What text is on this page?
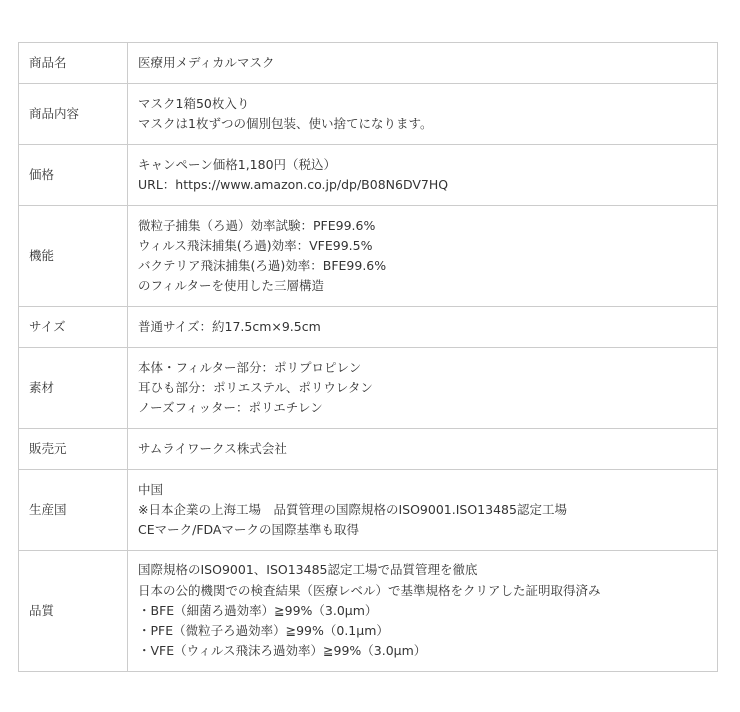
商品名	医療用メディカルマスク

商品内容	マスク1箱50枚入り
マスクは1枚ずつの個別包装、使い捨てになります。

価格	キャンペーン価格1,180円（税込）
URL：https://www.amazon.co.jp/dp/B08N6DV7HQ

機能	微粒子捕集（ろ過）効率試験：PFE99.6%
ウィルス飛沫捕集(ろ過)効率：VFE99.5%
バクテリア飛沫捕集(ろ過)効率：BFE99.6%
のフィルターを使用した三層構造

サイズ	普通サイズ：約17.5cm×9.5cm

素材	本体・フィルター部分：ポリプロピレン
耳ひも部分：ポリエステル、ポリウレタン
ノーズフィッター：ポリエチレン

販売元	サムライワークス株式会社

生産国	中国
※日本企業の上海工場　品質管理の国際規格のISO9001.ISO13485認定工場
CEマーク/FDAマークの国際基準も取得

品質	国際規格のISO9001、ISO13485認定工場で品質管理を徹底
日本の公的機関での検査結果（医療レベル）で基準規格をクリアした証明取得済み
・BFE（細菌ろ過効率）≧99%（3.0μm）
・PFE（微粒子ろ過効率）≧99%（0.1μm）
・VFE（ウィルス飛沫ろ過効率）≧99%（3.0μm）
